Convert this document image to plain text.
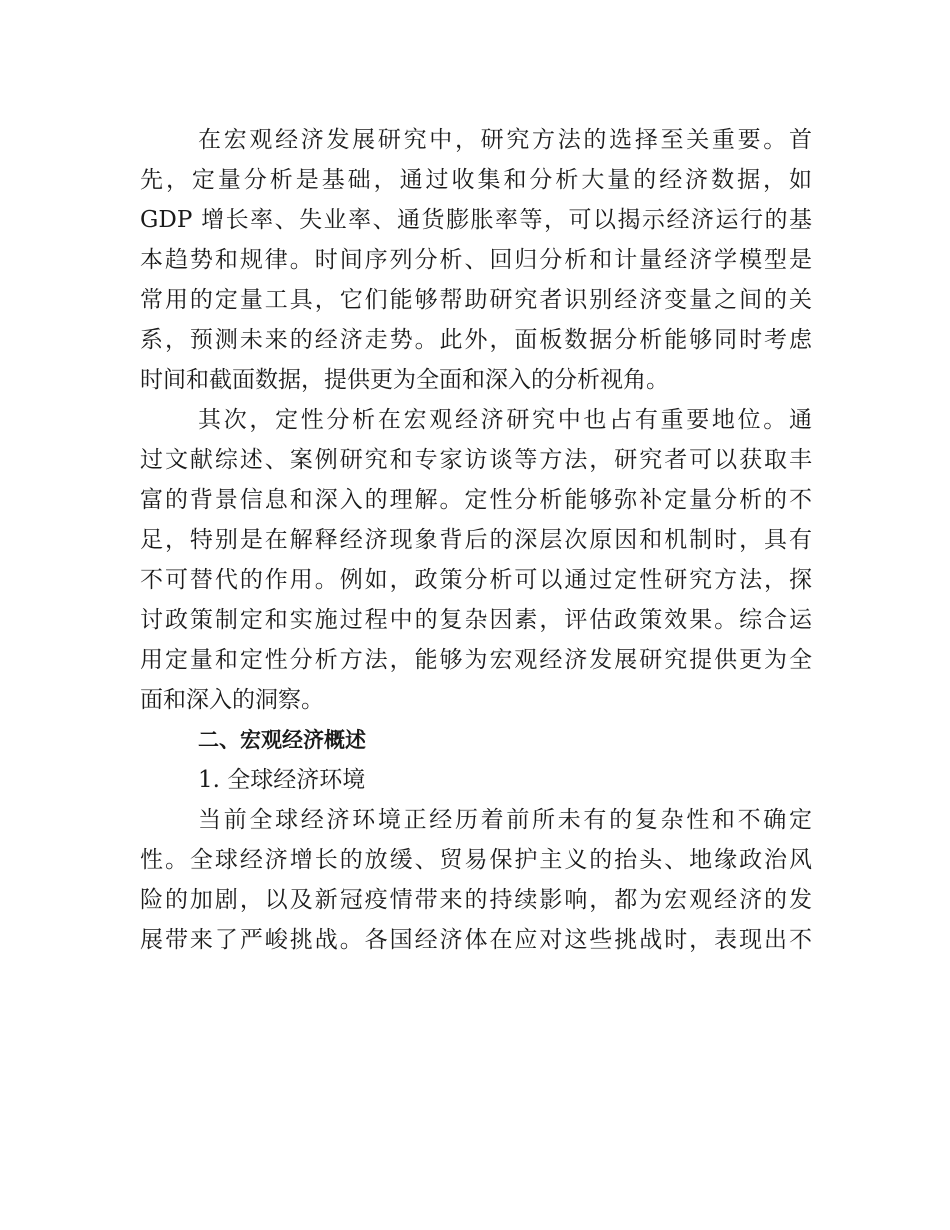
在宏观经济发展研究中，研究方法的选择至关重要。首
先，定量分析是基础，通过收集和分析大量的经济数据，如
GDP 增长率、失业率、通货膨胀率等，可以揭示经济运行的基
本趋势和规律。时间序列分析、回归分析和计量经济学模型是
常用的定量工具，它们能够帮助研究者识别经济变量之间的关
系，预测未来的经济走势。此外，面板数据分析能够同时考虑
时间和截面数据，提供更为全面和深入的分析视角。
其次，定性分析在宏观经济研究中也占有重要地位。通
过文献综述、案例研究和专家访谈等方法，研究者可以获取丰
富的背景信息和深入的理解。定性分析能够弥补定量分析的不
足，特别是在解释经济现象背后的深层次原因和机制时，具有
不可替代的作用。例如，政策分析可以通过定性研究方法，探
讨政策制定和实施过程中的复杂因素，评估政策效果。综合运
用定量和定性分析方法，能够为宏观经济发展研究提供更为全
面和深入的洞察。
二、宏观经济概述
1. 全球经济环境
当前全球经济环境正经历着前所未有的复杂性和不确定
性。全球经济增长的放缓、贸易保护主义的抬头、地缘政治风
险的加剧，以及新冠疫情带来的持续影响，都为宏观经济的发
展带来了严峻挑战。各国经济体在应对这些挑战时，表现出不
